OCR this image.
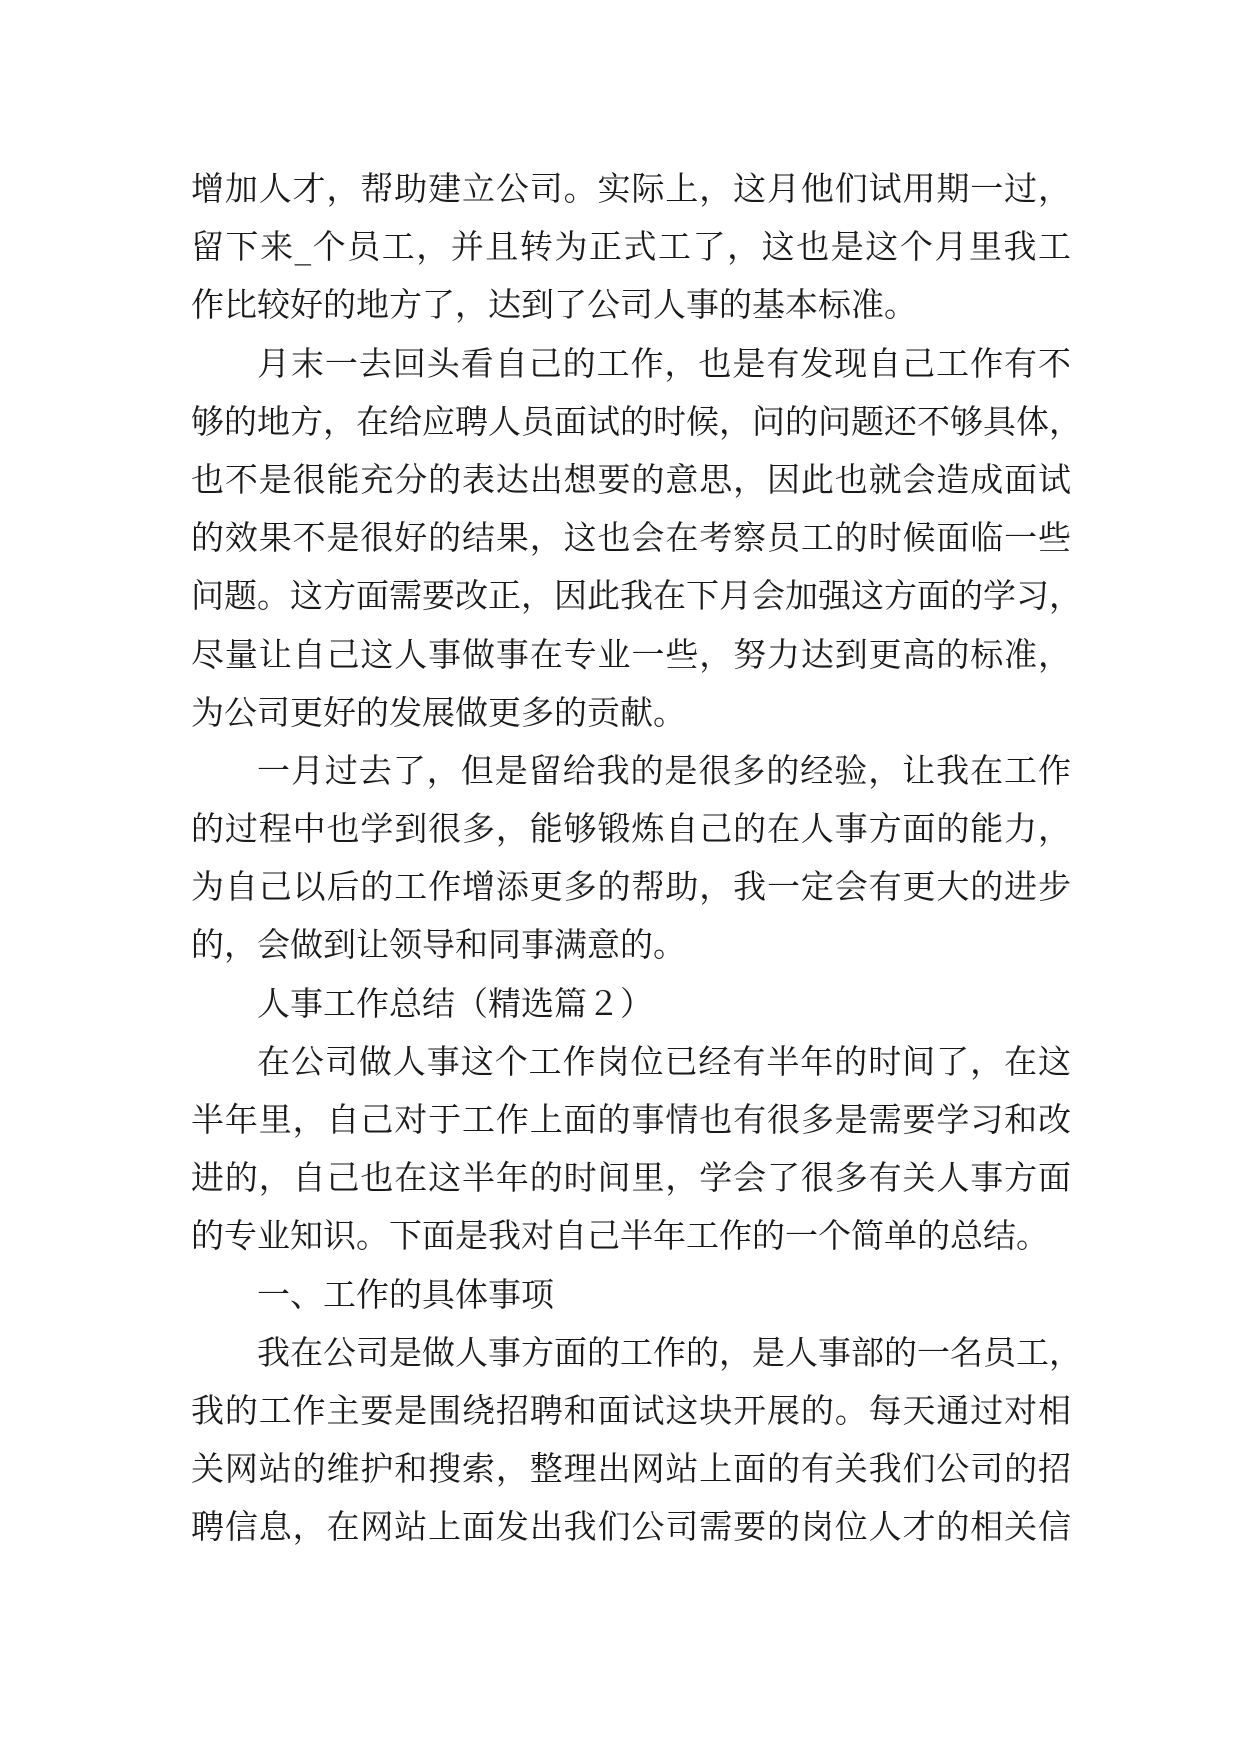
增加人才，帮助建立公司。实际上，这月他们试用期一过，
留下来_个员工，并且转为正式工了，这也是这个月里我工
作比较好的地方了，达到了公司人事的基本标准。
月末一去回头看自己的工作，也是有发现自己工作有不
够的地方，在给应聘人员面试的时候，问的问题还不够具体，
也不是很能充分的表达出想要的意思，因此也就会造成面试
的效果不是很好的结果，这也会在考察员工的时候面临一些
问题。这方面需要改正，因此我在下月会加强这方面的学习，
尽量让自己这人事做事在专业一些，努力达到更高的标准，
为公司更好的发展做更多的贡献。
一月过去了，但是留给我的是很多的经验，让我在工作
的过程中也学到很多，能够锻炼自己的在人事方面的能力，
为自己以后的工作增添更多的帮助，我一定会有更大的进步
的，会做到让领导和同事满意的。
人事工作总结（精选篇２）
在公司做人事这个工作岗位已经有半年的时间了，在这
半年里，自己对于工作上面的事情也有很多是需要学习和改
进的，自己也在这半年的时间里，学会了很多有关人事方面
的专业知识。下面是我对自己半年工作的一个简单的总结。
一、工作的具体事项
我在公司是做人事方面的工作的，是人事部的一名员工，
我的工作主要是围绕招聘和面试这块开展的。每天通过对相
关网站的维护和搜索，整理出网站上面的有关我们公司的招
聘信息，在网站上面发出我们公司需要的岗位人才的相关信
